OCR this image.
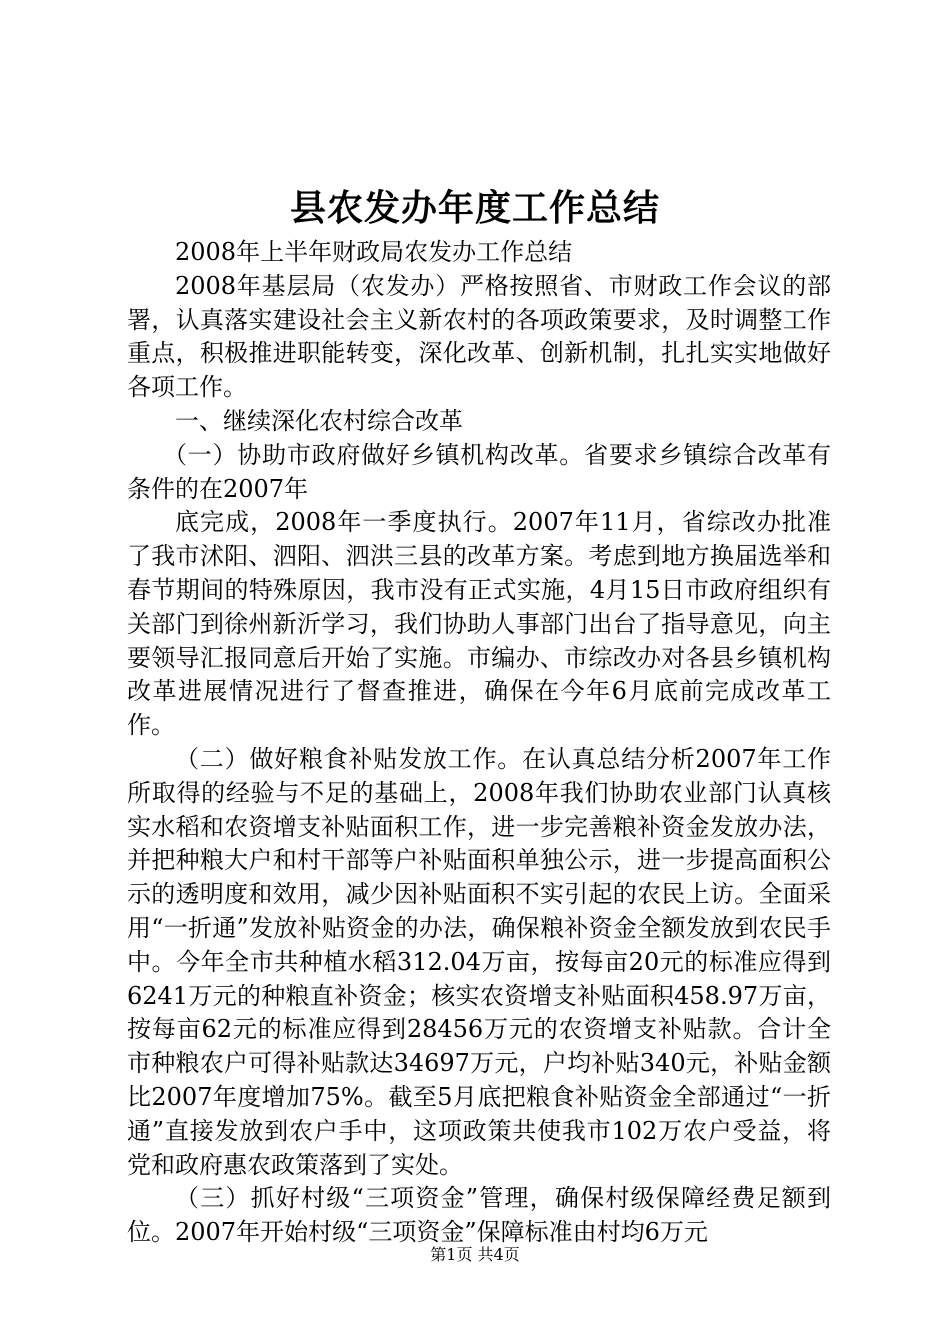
县农发办年度工作总结

2008年上半年财政局农发办工作总结

2008年基层局（农发办）严格按照省、市财政工作会议的部署，认真落实建设社会主义新农村的各项政策要求，及时调整工作重点，积极推进职能转变，深化改革、创新机制，扎扎实实地做好各项工作。

一、继续深化农村综合改革

（一）协助市政府做好乡镇机构改革。省要求乡镇综合改革有条件的在2007年

底完成，2008年一季度执行。2007年11月，省综改办批准了我市沭阳、泗阳、泗洪三县的改革方案。考虑到地方换届选举和春节期间的特殊原因，我市没有正式实施，4月15日市政府组织有关部门到徐州新沂学习，我们协助人事部门出台了指导意见，向主要领导汇报同意后开始了实施。市编办、市综改办对各县乡镇机构改革进展情况进行了督查推进，确保在今年6月底前完成改革工作。

（二）做好粮食补贴发放工作。在认真总结分析2007年工作所取得的经验与不足的基础上，2008年我们协助农业部门认真核实水稻和农资增支补贴面积工作，进一步完善粮补资金发放办法，并把种粮大户和村干部等户补贴面积单独公示，进一步提高面积公示的透明度和效用，减少因补贴面积不实引起的农民上访。全面采用“一折通”发放补贴资金的办法，确保粮补资金全额发放到农民手中。今年全市共种植水稻312.04万亩，按每亩20元的标准应得到6241万元的种粮直补资金；核实农资增支补贴面积458.97万亩，按每亩62元的标准应得到28456万元的农资增支补贴款。合计全市种粮农户可得补贴款达34697万元，户均补贴340元，补贴金额比2007年度增加75%。截至5月底把粮食补贴资金全部通过“一折通”直接发放到农户手中，这项政策共使我市102万农户受益，将党和政府惠农政策落到了实处。

（三）抓好村级“三项资金”管理，确保村级保障经费足额到位。2007年开始村级“三项资金”保障标准由村均6万元

第1页 共4页
